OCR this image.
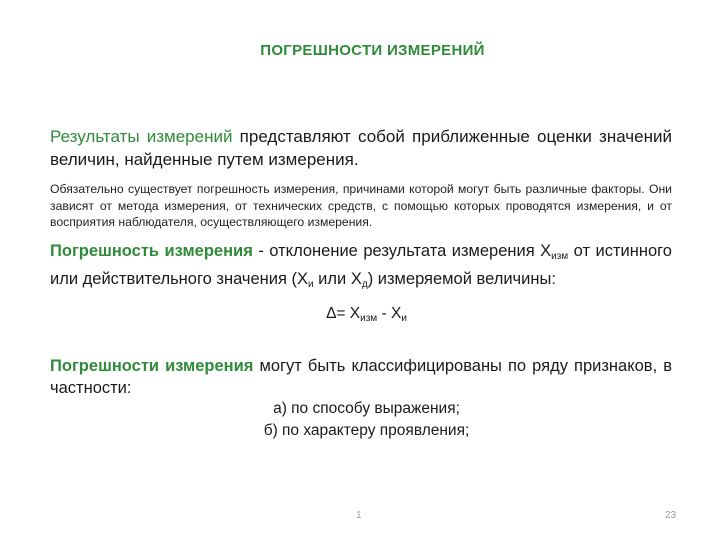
ПОГРЕШНОСТИ ИЗМЕРЕНИЙ
Результаты измерений представляют собой приближенные оценки значений величин, найденные путем измерения.
Обязательно существует погрешность измерения, причинами которой могут быть различные факторы. Они зависят от метода измерения, от технических средств, с помощью которых проводятся измерения, и от восприятия наблюдателя, осуществляющего измерения.
Погрешность измерения - отклонение результата измерения $X_{изм}$ от истинного или действительного значения ($X_и$ или $X_д$) измеряемой величины:
$\Delta= X_{изм} - X_и$
Погрешности измерения могут быть классифицированы по ряду признаков, в частности:
а) по способу выражения;
б) по характеру проявления;
1	23
